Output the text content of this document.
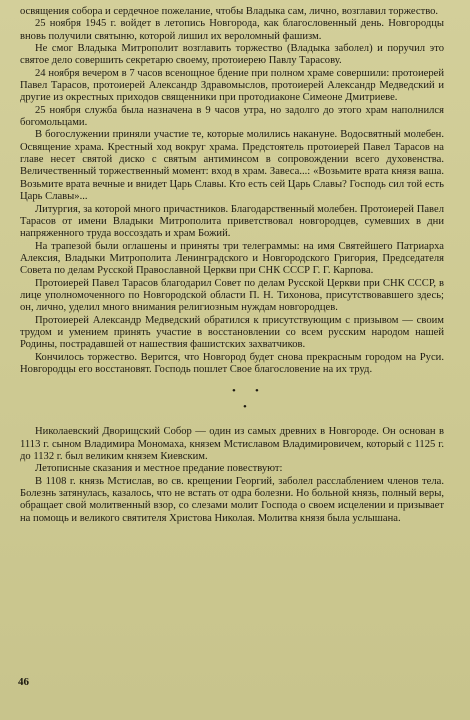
освящения собора и сердечное пожелание, чтобы Владыка сам, лично, возглавил торжество.

25 ноября 1945 г. войдет в летопись Новгорода, как благословенный день. Новгородцы вновь получили святыню, которой лишил их вероломный фашизм.

Не смог Владыка Митрополит возглавить торжество (Владыка заболел) и поручил это святое дело совершить секретарю своему, протоиерею Павлу Тарасову.

24 ноября вечером в 7 часов всенощное бдение при полном храме совершили: протоиерей Павел Тарасов, протоиерей Александр Здравомыслов, протоиерей Александр Медведский и другие из окрестных приходов священники при протодиаконе Симеоне Дмитриеве.

25 ноября служба была назначена в 9 часов утра, но задолго до этого храм наполнился богомольцами.

В богослужении приняли участие те, которые молились накануне. Водосвятный молебен. Освящение храма. Крестный ход вокруг храма. Предстоятель протоиерей Павел Тарасов на главе несет святой диско с святым антиминсом в сопровождении всего духовенства. Величественный торжественный момент: вход в храм. Завеса...: «Возьмите врата князя ваша. Возьмите врата вечные и внидет Царь Славы. Кто есть сей Царь Славы? Господь сил той есть Царь Славы»...

Литургия, за которой много причастников. Благодарственный молебен. Протоиерей Павел Тарасов от имени Владыки Митрополита приветствовал новгородцев, сумевших в дни напряженного труда воссоздать и храм Божий.

На трапезой были оглашены и приняты три телеграммы: на имя Святейшего Патриарха Алексия, Владыки Митрополита Ленинградского и Новгородского Григория, Председателя Совета по делам Русской Православной Церкви при СНК СССР Г. Г. Карпова.

Протоиерей Павел Тарасов благодарил Совет по делам Русской Церкви при СНК СССР, в лице уполномоченного по Новгородской области П. Н. Тихонова, присутствовавшего здесь; он, лично, уделил много внимания религиозным нуждам новгородцев.

Протоиерей Александр Медведский обратился к присутствующим с призывом — своим трудом и умением принять участие в восстановлении со всем русским народом нашей Родины, пострадавшей от нашествия фашистских захватчиков.

Кончилось торжество. Верится, что Новгород будет снова прекрасным городом на Руси. Новгородцы его восстановят. Господь пошлет Свое благословение на их труд.

• •
•

Николаевский Дворищский Собор — один из самых древних в Новгороде. Он основан в 1113 г. сыном Владимира Мономаха, князем Мстиславом Владимировичем, который с 1125 г. до 1132 г. был великим князем Киевским.

Летописные сказания и местное предание повествуют:

В 1108 г. князь Мстислав, во св. крещении Георгий, заболел расслаблением членов тела. Болезнь затянулась, казалось, что не встать от одра болезни. Но больной князь, полный веры, обращает свой молитвенный взор, со слезами молит Господа о своем исцелении и призывает на помощь и великого святителя Христова Николая. Молитва князя была услышана.

46
